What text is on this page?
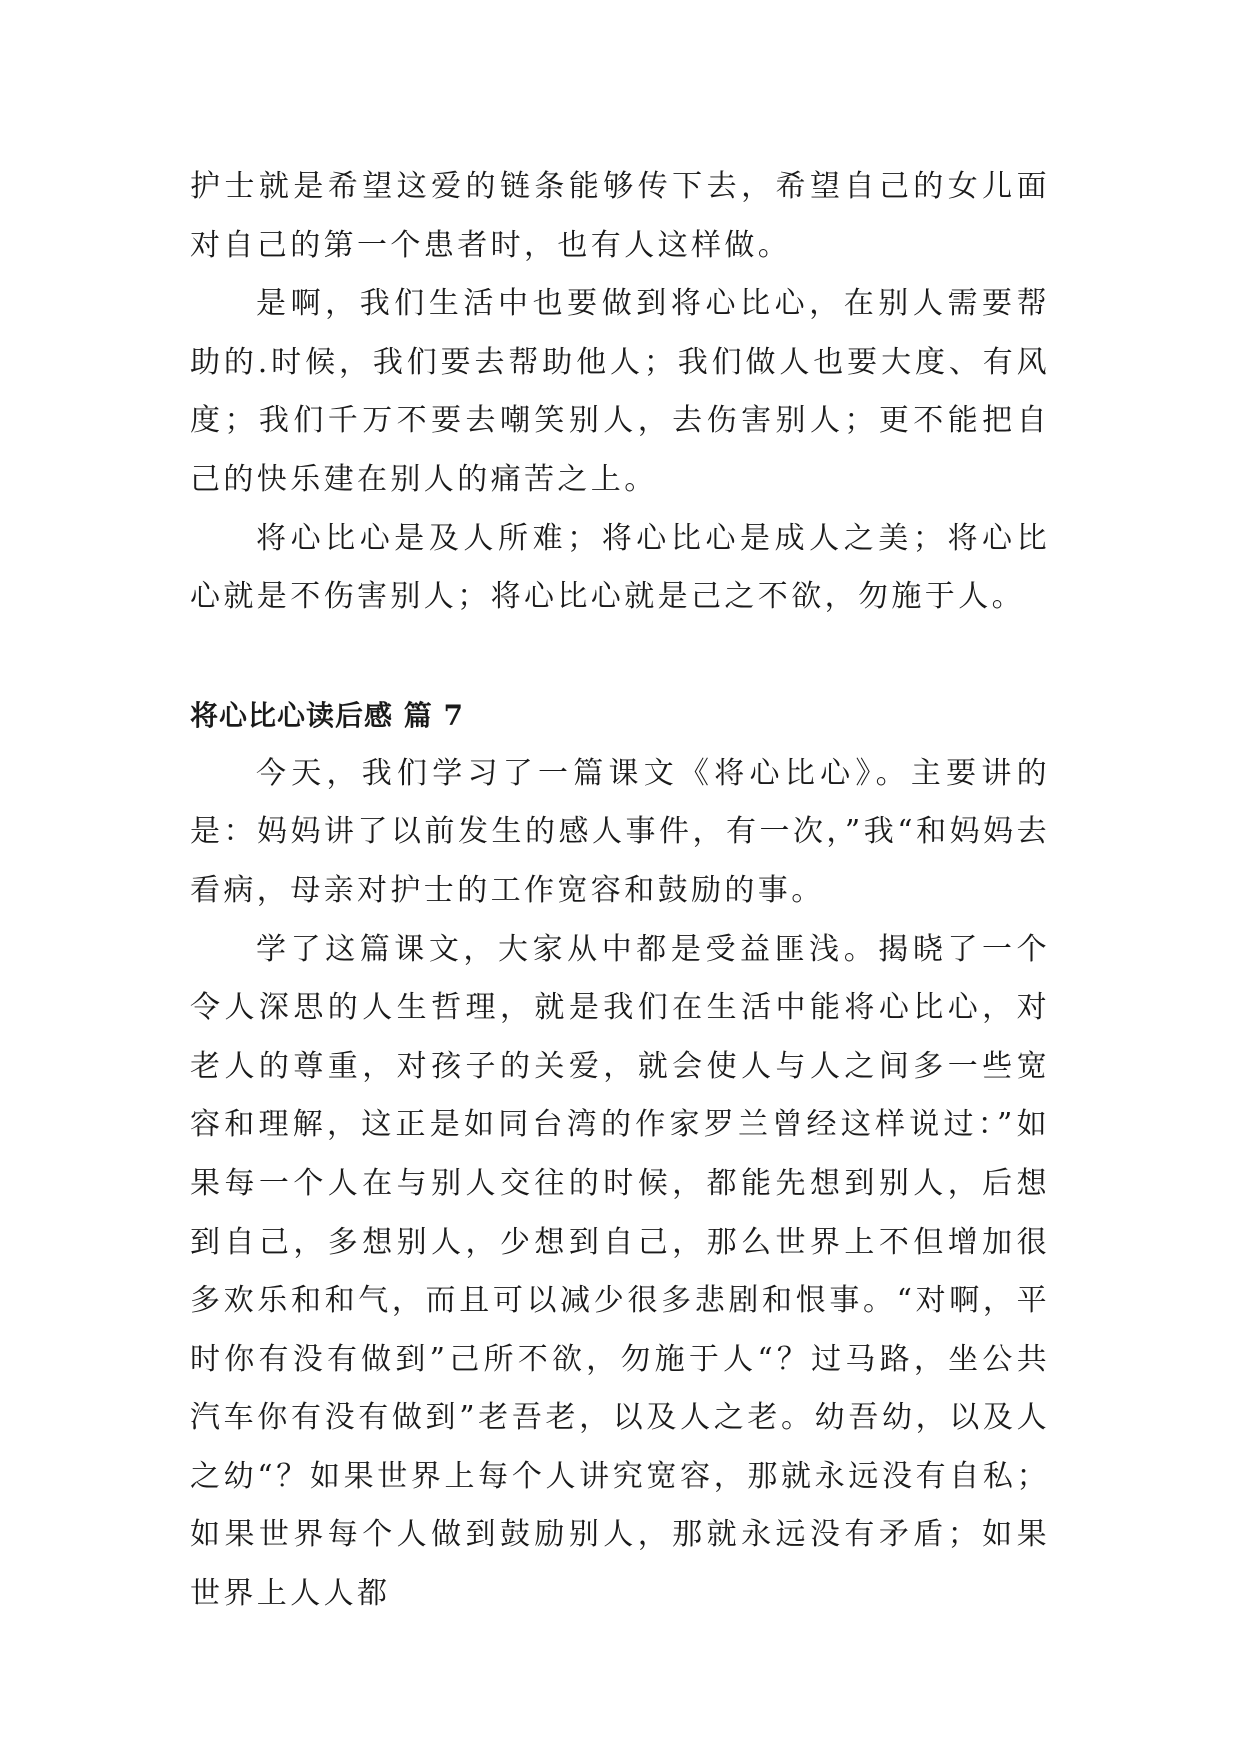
护士就是希望这爱的链条能够传下去，希望自己的女儿面对自己的第一个患者时，也有人这样做。

是啊，我们生活中也要做到将心比心，在别人需要帮助的.时候，我们要去帮助他人；我们做人也要大度、有风度；我们千万不要去嘲笑别人，去伤害别人；更不能把自己的快乐建在别人的痛苦之上。

将心比心是及人所难；将心比心是成人之美；将心比心就是不伤害别人；将心比心就是己之不欲，勿施于人。

将心比心读后感 篇 7

今天，我们学习了一篇课文《将心比心》。主要讲的是：妈妈讲了以前发生的感人事件，有一次，”我“和妈妈去看病，母亲对护士的工作宽容和鼓励的事。

学了这篇课文，大家从中都是受益匪浅。揭晓了一个令人深思的人生哲理，就是我们在生活中能将心比心，对老人的尊重，对孩子的关爱，就会使人与人之间多一些宽容和理解，这正是如同台湾的作家罗兰曾经这样说过：”如果每一个人在与别人交往的时候，都能先想到别人，后想到自己，多想别人，少想到自己，那么世界上不但增加很多欢乐和和气，而且可以减少很多悲剧和恨事。“对啊，平时你有没有做到”己所不欲，勿施于人“？过马路，坐公共汽车你有没有做到”老吾老，以及人之老。幼吾幼，以及人之幼“？如果世界上每个人讲究宽容，那就永远没有自私；如果世界每个人做到鼓励别人，那就永远没有矛盾；如果世界上人人都
